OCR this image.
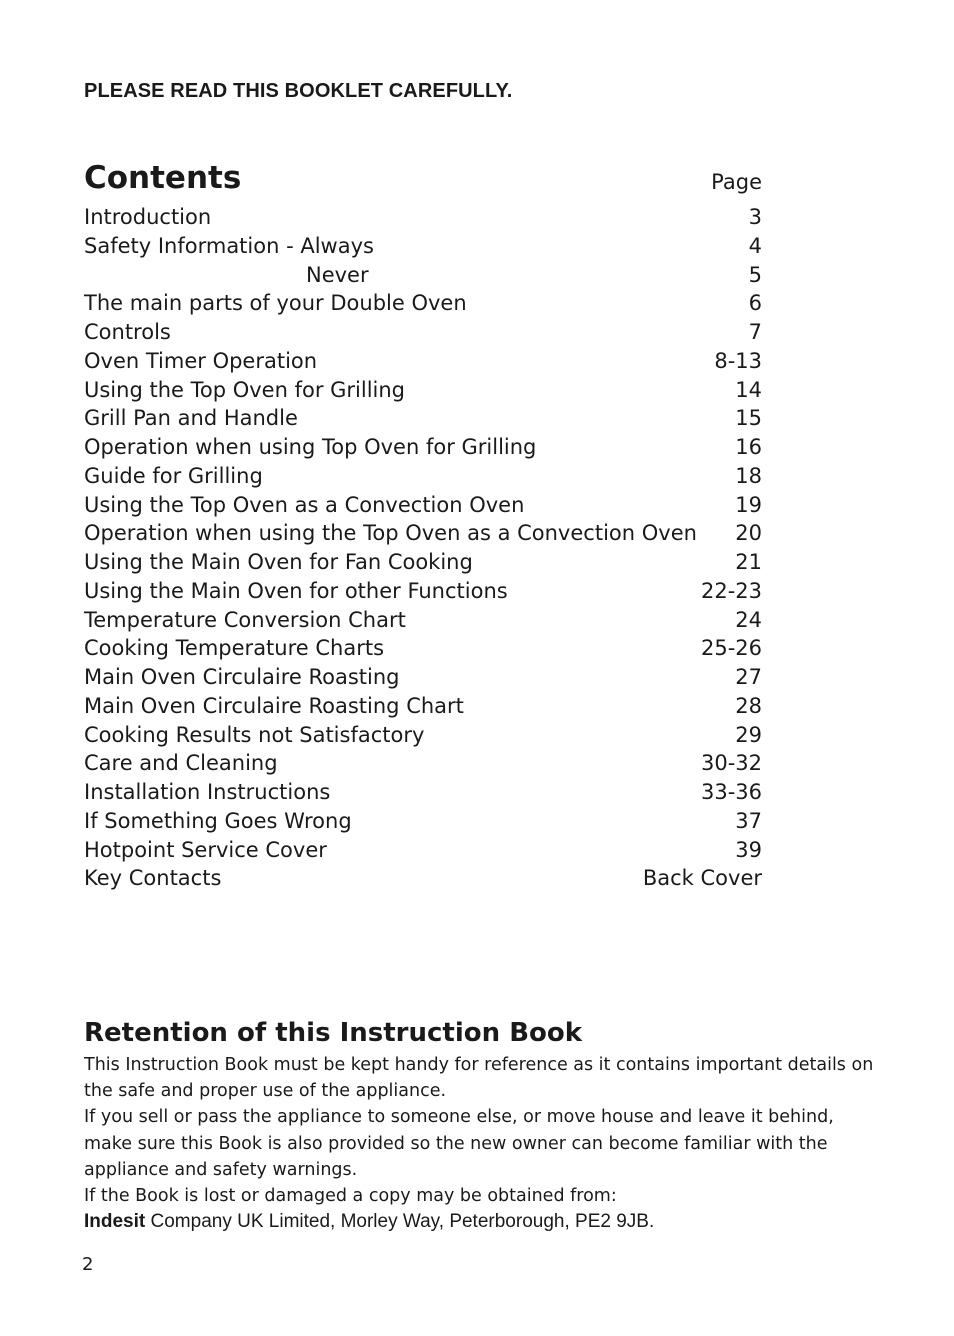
PLEASE READ THIS BOOKLET CAREFULLY.
Contents	Page
Introduction	3
Safety Information - Always	4
Never	5
The main parts of your Double Oven	6
Controls	7
Oven Timer Operation	8-13
Using the Top Oven for Grilling	14
Grill Pan and Handle	15
Operation when using Top Oven for Grilling	16
Guide for Grilling	18
Using the Top Oven as a Convection Oven	19
Operation when using the Top Oven as a Convection Oven 20
Using the Main Oven for Fan Cooking	21
Using the Main Oven for other Functions	22-23
Temperature Conversion Chart	24
Cooking Temperature Charts	25-26
Main Oven Circulaire Roasting	27
Main Oven Circulaire Roasting Chart	28
Cooking Results not Satisfactory	29
Care and Cleaning	30-32
Installation Instructions	33-36
If Something Goes Wrong	37
Hotpoint Service Cover	39
Key Contacts	Back Cover
Retention of this Instruction Book

This Instruction Book must be kept handy for reference as it contains important details on the safe and proper use of the appliance.

If you sell or pass the appliance to someone else, or move house and leave it behind, make sure this Book is also provided so the new owner can become familiar with the appliance and safety warnings.

If the Book is lost or damaged a copy may be obtained from:

Indesit Company UK Limited, Morley Way, Peterborough, PE2 9JB.

2
